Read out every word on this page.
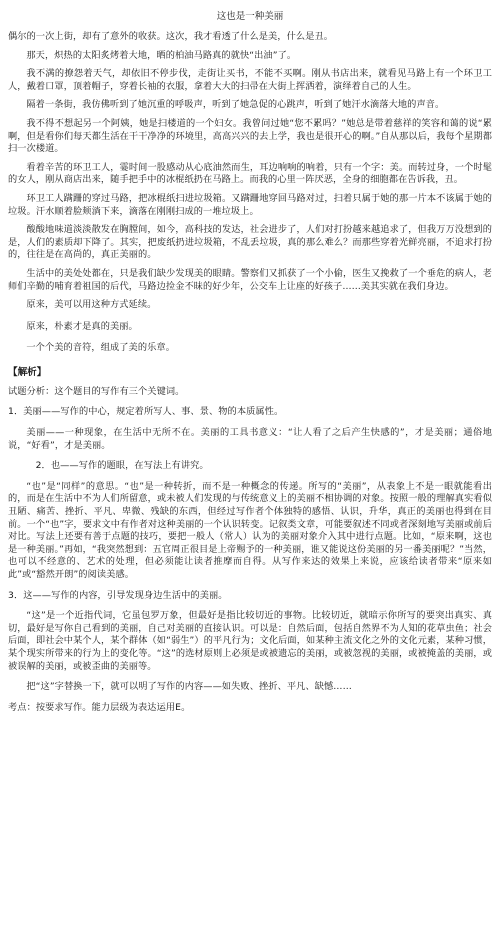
这也是一种美丽

偶尔的一次上街，却有了意外的收获。这次，我才看透了什么是美，什么是丑。

那天，炽热的太阳炙烤着大地，晒的柏油马路真的就快“出油”了。

我不满的撩怨着天气，却依旧不停步伐，走街让买书，不能不买啊。刚从书店出来，就看见马路上有一个环卫工人，戴着口罩，顶着帽子，穿着长袖的衣服，拿着大大的扫帚在大街上挥洒着，演绎着自己的人生。

隔着一条街，我仿佛听到了她沉重的呼吸声，听到了她急促的心跳声，听到了她汗水滴落大地的声音。

我不得不想起另一个阿姨，她是扫楼道的一个妇女。我曾问过她“您不累吗？”她总是带着慈祥的笑容和蔼的说“累啊，但是看你们每天都生活在干干净净的环境里，高高兴兴的去上学，我也是很开心的啊。”自从那以后，我每个星期都扫一次楼道。

看着辛苦的环卫工人，霎时间一股感动从心底油然而生，耳边响响的响着，只有一个字：美。而转过身，一个时髦的女人，刚从商店出来，随手把手中的冰棍纸扔在马路上。而我的心里一阵厌恶，全身的细胞都在告诉我，丑。

环卫工人蹒跚的穿过马路，把冰棍纸扫进垃圾箱。又蹒跚地穿回马路对过，扫着只属于她的那一片本不该属于她的垃圾。汗水顺着脸颊淌下来，滴落在刚刚扫成的一堆垃圾上。

酸酸地味道淡淡散发在胸膛间，如今，高科技的发达，社会进步了，人们对打扮越来越追求了，但我万万没想到的是，人们的素质却下降了。其实，把废纸扔进垃圾箱，不乱丢垃圾，真的那么难么？而那些穿着光鲜亮丽，不追求打扮的，往往是在高尚的，真正美丽的。

生活中的美处处都在，只是我们缺少发现美的眼睛。警察们又抓获了一个小偷，医生又挽救了一个垂危的病人，老师们辛勤的哺育着祖国的后代，马路边捡金不昧的好少年，公交车上让座的好孩子……美其实就在我们身边。

原来，美可以用这种方式延续。

原来，朴素才是真的美丽。

一个个美的音符，组成了美的乐章。

【解析】

试题分析：这个题目的写作有三个关键词。

1．美丽——写作的中心，规定着所写人、事、景、物的本质属性。

美丽——一种现象，在生活中无所不在。美丽的工具书意义：“让人看了之后产生快感的”，才是美丽；通俗地说，“好看”，才是美丽。

2．也——写作的题眼，在写法上有讲究。

“也”是“同样”的意思。“也”是一种转折，而不是一种概念的传递。所写的“美丽”，从表象上不是一眼就能看出的，而是在生活中不为人们所留意，或未被人们发现的与传统意义上的美丽不相协调的对象。按照一般的理解真实看似丑陋、痛苦、挫折、平凡、卑微、残缺的东西，但经过写作者个体独特的感悟、认识，升华，真正的美丽也得到在目前。一个“也”字，要求文中有作者对这种美丽的一个认识转变。记叙类文章，可能要叙述不同或者深刻地写美丽或前后对比。写法上还要有善于点题的技巧，要把一般人（常人）认为的美丽对象介入其中进行点题。比如，“原来啊，这也是一种美丽。”再如，“我突然想到：五官周正很目是上帝赐予的一种美丽，谁又能说这份美丽的另一番美丽呢？”当然，也可以不经意的、艺术的处理，但必须能让读者推摩而自得。从写作来达的效果上来说，应该给读者带来“原来如此”或“豁然开朗”的阅读美感。

3．这——写作的内容，引导发现身边生活中的美丽。

“这”是一个近指代词，它虽包罗万象，但最好是指比较切近的事物。比较切近，就暗示你所写的要突出真实、真切，最好是写你自己看到的美丽，自己对美丽的直接认识。可以是：自然后面，包括自然界不为人知的花草虫鱼；社会后面，即社会中某个人，某个群体（如“弱生”）的平凡行为；文化后面，如某种主流文化之外的文化元素，某种习惯，某个现实所带来的行为上的变化等。“这”的选材原则上必须是或被遗忘的美丽，或被忽视的美丽，或被掩盖的美丽，或被误解的美丽，或被歪曲的美丽等。

把“这”字替换一下，就可以明了写作的内容——如失败、挫折、平凡、缺憾……

考点：按要求写作。能力层级为表达运用E。
